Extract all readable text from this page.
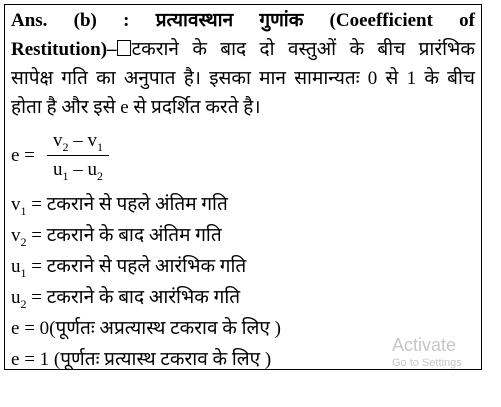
Ans. (b) : प्रत्यावस्थान गुणांक (Coeefficient of
Restitution)– टकराने के बाद दो वस्तुओं के बीच प्रारंभिक
सापेक्ष गति का अनुपात है। इसका मान सामान्यतः 0 से 1 के बीच
होता है और इसे e से प्रदर्शित करते है।
e =
$v_2 - v_1$
$u_1 - u_2$
$v_1$ = टकराने से पहले अंतिम गति
$v_2$ = टकराने के बाद अंतिम गति
$u_1$ = टकराने से पहले आरंभिक गति
$u_2$ = टकराने के बाद आरंभिक गति
e = 0(पूर्णतः अप्रत्यास्थ टकराव के लिए )
e = 1 (पूर्णतः प्रत्यास्थ टकराव के लिए )
Activate
Go to Settings
